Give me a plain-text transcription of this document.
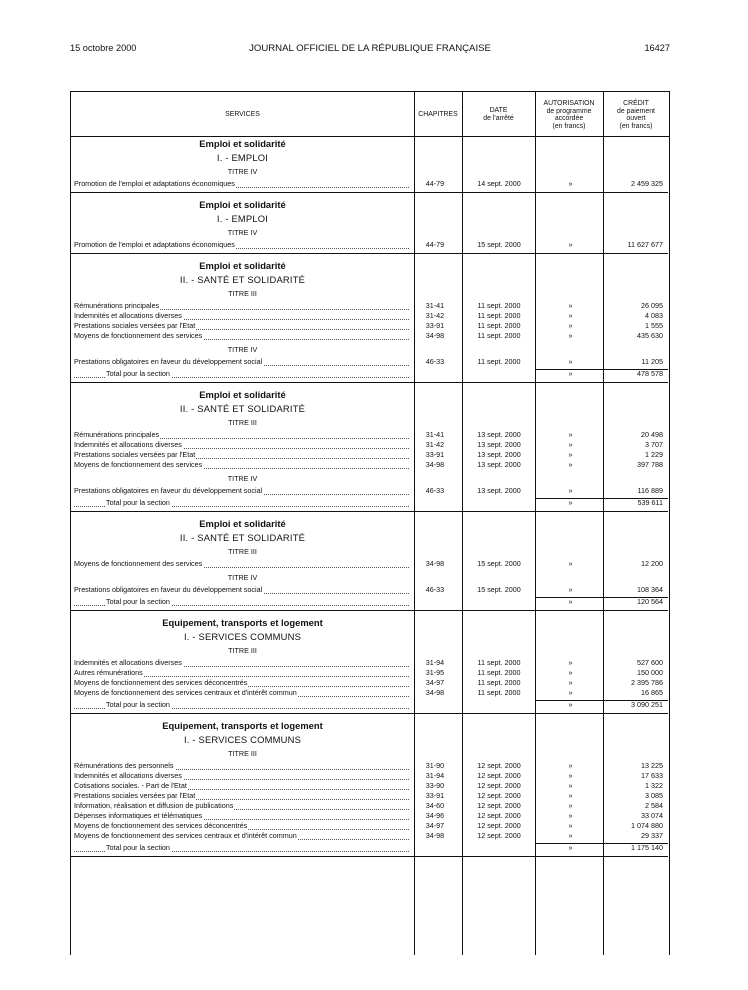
15 octobre 2000	JOURNAL OFFICIEL DE LA RÉPUBLIQUE FRANÇAISE	16427
SERVICES	CHAPITRES
DATE
de l'arrêté
AUTORISATION
de programme
accordée
(en francs)
CRÉDIT
de paiement
ouvert
(en francs)
Emploi et solidarité
I. - EMPLOI
TITRE IV
Promotion de l'emploi et adaptations économiques	44-79	14 sept. 2000	»	2 459 325
Emploi et solidarité
I. - EMPLOI
TITRE IV
Promotion de l'emploi et adaptations économiques	44-79	15 sept. 2000	»	11 627 677
Emploi et solidarité
II. - SANTÉ ET SOLIDARITÉ
TITRE III
Rémunérations principales	31-41	11 sept. 2000	»	26 095
Indemnités et allocations diverses	31-42	11 sept. 2000	»	4 083
Prestations sociales versées par l'Etat	33-91	11 sept. 2000	»	1 555
Moyens de fonctionnement des services	34-98	11 sept. 2000	»	435 630
TITRE IV
Prestations obligatoires en faveur du développement social	46-33	11 sept. 2000	»	11 205
Total pour la section	»	478 578
Emploi et solidarité
II. - SANTÉ ET SOLIDARITÉ
TITRE III
Rémunérations principales	31-41	13 sept. 2000	»	20 498
Indemnités et allocations diverses	31-42	13 sept. 2000	»	3 707
Prestations sociales versées par l'Etat	33-91	13 sept. 2000	»	1 229
Moyens de fonctionnement des services	34-98	13 sept. 2000	»	397 788
TITRE IV
Prestations obligatoires en faveur du développement social	46-33	13 sept. 2000	»	116 889
Total pour la section	»	539 611
Emploi et solidarité
II. - SANTÉ ET SOLIDARITÉ
TITRE III
Moyens de fonctionnement des services	34-98	15 sept. 2000	»	12 200
TITRE IV
Prestations obligatoires en faveur du développement social	46-33	15 sept. 2000	»	108 364
Total pour la section	»	120 564
Equipement, transports et logement
I. - SERVICES COMMUNS
TITRE III
Indemnités et allocations diverses	31-94	11 sept. 2000	»	527 600
Autres rémunérations	31-95	11 sept. 2000	»	150 000
Moyens de fonctionnement des services déconcentrés	34-97	11 sept. 2000	»	2 395 786
Moyens de fonctionnement des services centraux et d'intérêt commun	34-98	11 sept. 2000	»	16 865
Total pour la section	»	3 090 251
Equipement, transports et logement
I. - SERVICES COMMUNS
TITRE III
Rémunérations des personnels	31-90	12 sept. 2000	»	13 225
Indemnités et allocations diverses	31-94	12 sept. 2000	»	17 633
Cotisations sociales. - Part de l'Etat	33-90	12 sept. 2000	»	1 322
Prestations sociales versées par l'Etat	33-91	12 sept. 2000	»	3 085
Information, réalisation et diffusion de publications	34-60	12 sept. 2000	»	2 584
Dépenses informatiques et télématiques	34-96	12 sept. 2000	»	33 074
Moyens de fonctionnement des services déconcentrés	34-97	12 sept. 2000	»	1 074 880
Moyens de fonctionnement des services centraux et d'intérêt commun	34-98	12 sept. 2000	»	29 337
Total pour la section	»	1 175 140
